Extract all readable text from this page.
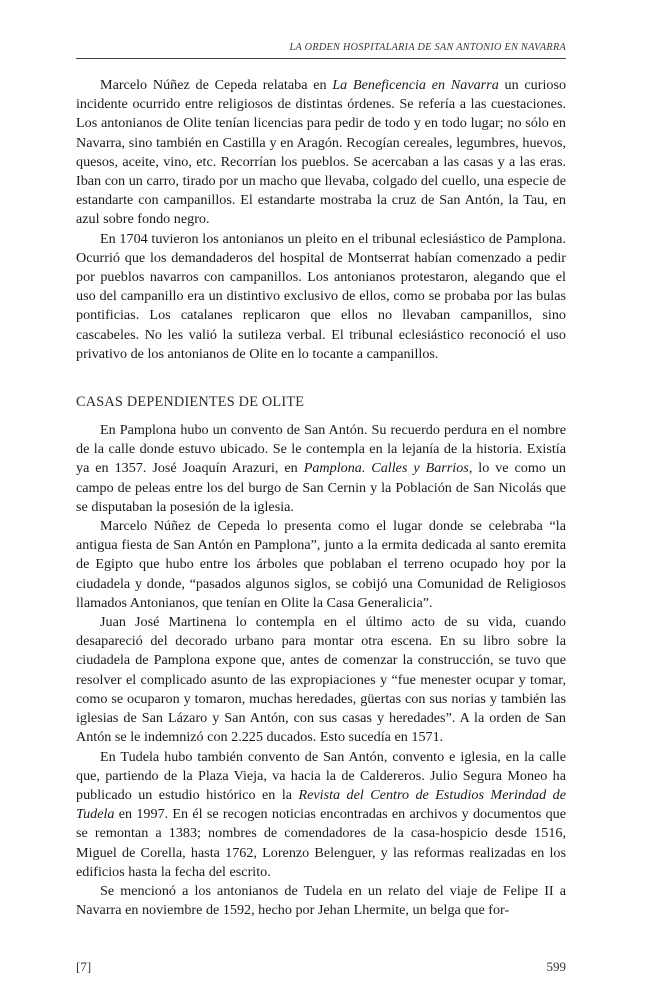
LA ORDEN HOSPITALARIA DE SAN ANTONIO EN NAVARRA

Marcelo Núñez de Cepeda relataba en La Beneficencia en Navarra un curioso incidente ocurrido entre religiosos de distintas órdenes. Se refería a las cuestaciones. Los antonianos de Olite tenían licencias para pedir de todo y en todo lugar; no sólo en Navarra, sino también en Castilla y en Aragón. Recogían cereales, legumbres, huevos, quesos, aceite, vino, etc. Recorrían los pueblos. Se acercaban a las casas y a las eras. Iban con un carro, tirado por un macho que llevaba, colgado del cuello, una especie de estandarte con campanillos. El estandarte mostraba la cruz de San Antón, la Tau, en azul sobre fondo negro.

En 1704 tuvieron los antonianos un pleito en el tribunal eclesiástico de Pamplona. Ocurrió que los demandaderos del hospital de Montserrat habían comenzado a pedir por pueblos navarros con campanillos. Los antonianos protestaron, alegando que el uso del campanillo era un distintivo exclusivo de ellos, como se probaba por las bulas pontificias. Los catalanes replicaron que ellos no llevaban campanillos, sino cascabeles. No les valió la sutileza verbal. El tribunal eclesiástico reconoció el uso privativo de los antonianos de Olite en lo tocante a campanillos.

CASAS DEPENDIENTES DE OLITE

En Pamplona hubo un convento de San Antón. Su recuerdo perdura en el nombre de la calle donde estuvo ubicado. Se le contempla en la lejanía de la historia. Existía ya en 1357. José Joaquín Arazuri, en Pamplona. Calles y Barrios, lo ve como un campo de peleas entre los del burgo de San Cernin y la Población de San Nicolás que se disputaban la posesión de la iglesia.

Marcelo Núñez de Cepeda lo presenta como el lugar donde se celebraba “la antigua fiesta de San Antón en Pamplona”, junto a la ermita dedicada al santo eremita de Egipto que hubo entre los árboles que poblaban el terreno ocupado hoy por la ciudadela y donde, “pasados algunos siglos, se cobijó una Comunidad de Religiosos llamados Antonianos, que tenían en Olite la Casa Generalicia”.

Juan José Martinena lo contempla en el último acto de su vida, cuando desapareció del decorado urbano para montar otra escena. En su libro sobre la ciudadela de Pamplona expone que, antes de comenzar la construcción, se tuvo que resolver el complicado asunto de las expropiaciones y “fue menester ocupar y tomar, como se ocuparon y tomaron, muchas heredades, güertas con sus norias y también las iglesias de San Lázaro y San Antón, con sus casas y heredades”. A la orden de San Antón se le indemnizó con 2.225 ducados. Esto sucedía en 1571.

En Tudela hubo también convento de San Antón, convento e iglesia, en la calle que, partiendo de la Plaza Vieja, va hacia la de Caldereros. Julio Segura Moneo ha publicado un estudio histórico en la Revista del Centro de Estudios Merindad de Tudela en 1997. En él se recogen noticias encontradas en archivos y documentos que se remontan a 1383; nombres de comendadores de la casa-hospicio desde 1516, Miguel de Corella, hasta 1762, Lorenzo Belenguer, y las reformas realizadas en los edificios hasta la fecha del escrito.

Se mencionó a los antonianos de Tudela en un relato del viaje de Felipe II a Navarra en noviembre de 1592, hecho por Jehan Lhermite, un belga que for-

[7]	599
